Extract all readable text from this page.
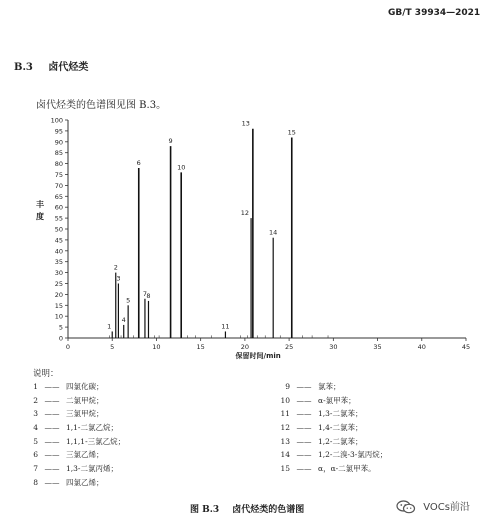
GB/T 39934—2021
B.3 卤代烃类
卤代烃类的色谱图见图 B.3。
0
5
10
15
20
25
30
35
40
45
50
55
60
65
70
75
80
85
90
95
100
0	5	10	15	20	25	30	35	40	45
保留时间/min
丰度
1
2
3
4
5
6
7 8
9
10
11
12
13
14
15
说明：
1 —— 四氯化碳；
2 —— 二氯甲烷；
3 —— 三氯甲烷；
4 —— 1,1-二氯乙烷；
5 —— 1,1,1-三氯乙烷；
6 —— 三氯乙烯；
7 —— 1,3-二氯丙烯；
8 —— 四氯乙烯；
9 —— 氯苯；
10 —— α-氯甲苯；
11 —— 1,3-二氯苯；
12 —— 1,4-二氯苯；
13 —— 1,2-二氯苯；
14 —— 1,2-二溴-3-氯丙烷；
15 —— α，α-二氯甲苯。
图 B.3 卤代烃类的色谱图	VOCs前沿
